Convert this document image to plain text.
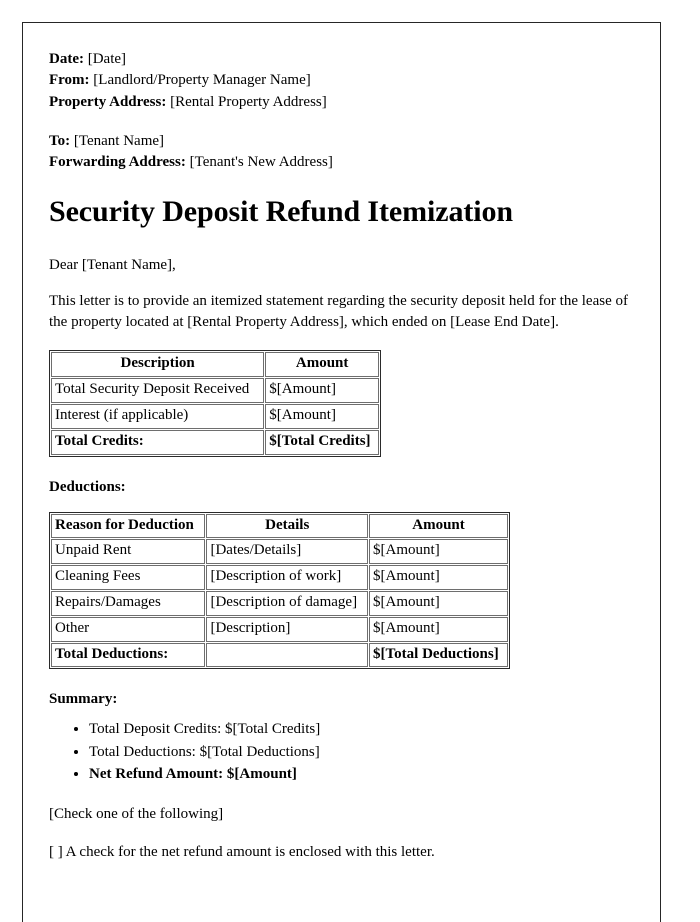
Date: [Date]
From: [Landlord/Property Manager Name]
Property Address: [Rental Property Address]

To: [Tenant Name]
Forwarding Address: [Tenant's New Address]

Security Deposit Refund Itemization

Dear [Tenant Name],

This letter is to provide an itemized statement regarding the security deposit held for the lease of the property located at [Rental Property Address], which ended on [Lease End Date].

Description	Amount
Total Security Deposit Received	$[Amount]
Interest (if applicable)	$[Amount]
Total Credits:	$[Total Credits]

Deductions:

Reason for Deduction	Details	Amount
Unpaid Rent	[Dates/Details]	$[Amount]
Cleaning Fees	[Description of work]	$[Amount]
Repairs/Damages	[Description of damage]	$[Amount]
Other	[Description]	$[Amount]
Total Deductions:		$[Total Deductions]

Summary:

• Total Deposit Credits: $[Total Credits]
• Total Deductions: $[Total Deductions]
• Net Refund Amount: $[Amount]

[Check one of the following]

[ ] A check for the net refund amount is enclosed with this letter.
